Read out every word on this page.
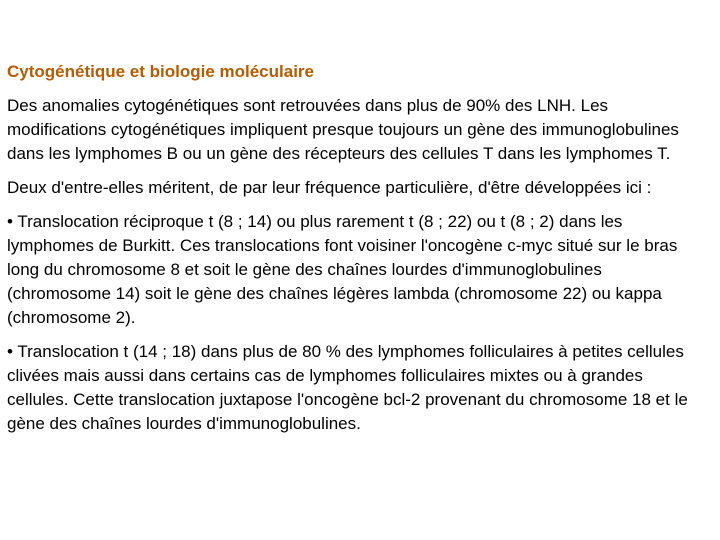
Cytogénétique et biologie moléculaire

Des anomalies cytogénétiques sont retrouvées dans plus de 90% des LNH. Les modifications cytogénétiques impliquent presque toujours un gène des immunoglobulines dans les lymphomes B ou un gène des récepteurs des cellules T dans les lymphomes T.

Deux d'entre-elles méritent, de par leur fréquence particulière, d'être développées ici :

• Translocation réciproque t (8 ; 14) ou plus rarement t (8 ; 22) ou t (8 ; 2) dans les lymphomes de Burkitt. Ces translocations font voisiner l'oncogène c-myc situé sur le bras long du chromosome 8 et soit le gène des chaînes lourdes d'immunoglobulines (chromosome 14) soit le gène des chaînes légères lambda (chromosome 22) ou kappa (chromosome 2).

• Translocation t (14 ; 18) dans plus de 80 % des lymphomes folliculaires à petites cellules clivées mais aussi dans certains cas de lymphomes folliculaires mixtes ou à grandes cellules. Cette translocation juxtapose l'oncogène bcl-2 provenant du chromosome 18 et le gène des chaînes lourdes d'immunoglobulines.
